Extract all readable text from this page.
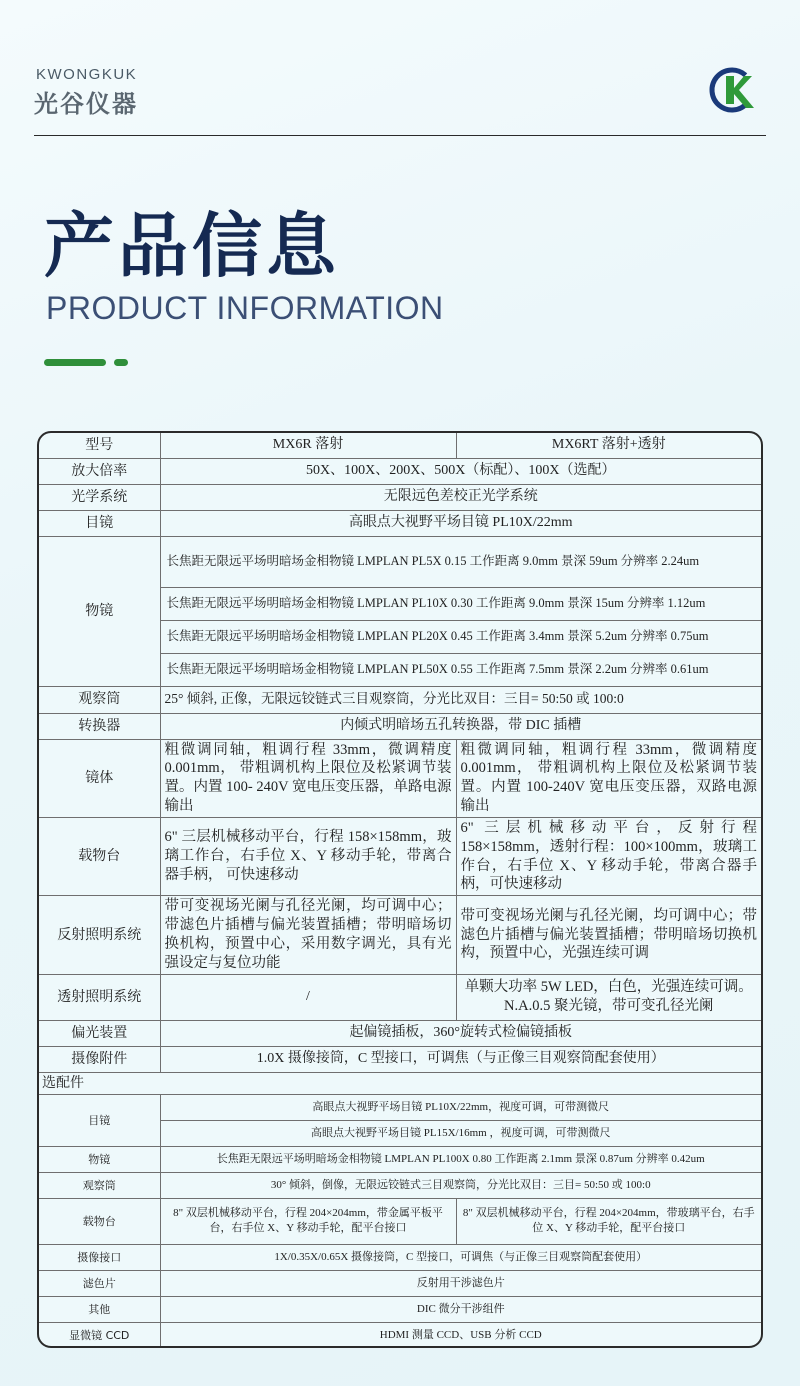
KWONGKUK
光谷仪器
产品信息
PRODUCT INFORMATION
型号	MX6R 落射	MX6RT 落射+透射
放大倍率	50X、100X、200X、500X（标配）、100X（选配）	
光学系统	无限远色差校正光学系统	
目镜	高眼点大视野平场目镜 PL10X/22mm	
物镜	长焦距无限远平场明暗场金相物镜 LMPLAN PL5X 0.15 工作距离 9.0mm 景深 59um 分辨率 2.24um	
	长焦距无限远平场明暗场金相物镜 LMPLAN PL10X 0.30 工作距离 9.0mm 景深 15um 分辨率 1.12um	
	长焦距无限远平场明暗场金相物镜 LMPLAN PL20X 0.45 工作距离 3.4mm 景深 5.2um 分辨率 0.75um	
	长焦距无限远平场明暗场金相物镜 LMPLAN PL50X 0.55 工作距离 7.5mm 景深 2.2um 分辨率 0.61um	
观察筒	25° 倾斜, 正像，无限远铰链式三目观察筒，分光比双目：三目= 50:50 或 100:0	
转换器	内倾式明暗场五孔转换器，带 DIC 插槽	
镜体	粗微调同轴，粗调行程 33mm，微调精度 0.001mm， 带粗调机构上限位及松紧调节装置。内置 100- 240V 宽电压变压器，单路电源输出	粗微调同轴，粗调行程 33mm，微调精度 0.001mm， 带粗调机构上限位及松紧调节装置。内置 100-240V 宽电压变压器，双路电源输出
载物台	6" 三层机械移动平台，行程 158×158mm，玻璃工作台，右手位 X、Y 移动手轮，带离合器手柄， 可快速移动	6" 三层机械移动平台，反射行程 158×158mm，透射行程：100×100mm，玻璃工作台，右手位 X、Y 移动手轮，带离合器手柄，可快速移动
反射照明系统	带可变视场光阑与孔径光阑，均可调中心；带滤色片插槽与偏光装置插槽；带明暗场切换机构，预置中心，采用数字调光，具有光强设定与复位功能	带可变视场光阑与孔径光阑，均可调中心；带滤色片插槽与偏光装置插槽；带明暗场切换机构，预置中心，光强连续可调
透射照明系统	/	单颗大功率 5W LED，白色，光强连续可调。N.A.0.5 聚光镜，带可变孔径光阑
偏光装置	起偏镜插板，360°旋转式检偏镜插板	
摄像附件	1.0X 摄像接筒，C 型接口，可调焦（与正像三目观察筒配套使用）	
选配件		
目镜	高眼点大视野平场目镜 PL10X/22mm，视度可调，可带测微尺	
	高眼点大视野平场目镜 PL15X/16mm ，视度可调，可带测微尺	
物镜	长焦距无限远平场明暗场金相物镜 LMPLAN PL100X 0.80 工作距离 2.1mm 景深 0.87um 分辨率 0.42um	
观察筒	30° 倾斜，倒像，无限远铰链式三目观察筒，分光比双目：三目= 50:50 或 100:0	
载物台	8" 双层机械移动平台，行程 204×204mm，带金属平板平台，右手位 X、Y 移动手轮，配平台接口	8" 双层机械移动平台，行程 204×204mm，带玻璃平台，右手位 X、Y 移动手轮，配平台接口
摄像接口	1X/0.35X/0.65X 摄像接筒，C 型接口，可调焦（与正像三目观察筒配套使用）	
滤色片	反射用干涉滤色片	
其他	DIC 微分干涉组件	
显微镜 CCD	HDMI 测量 CCD、USB 分析 CCD	
